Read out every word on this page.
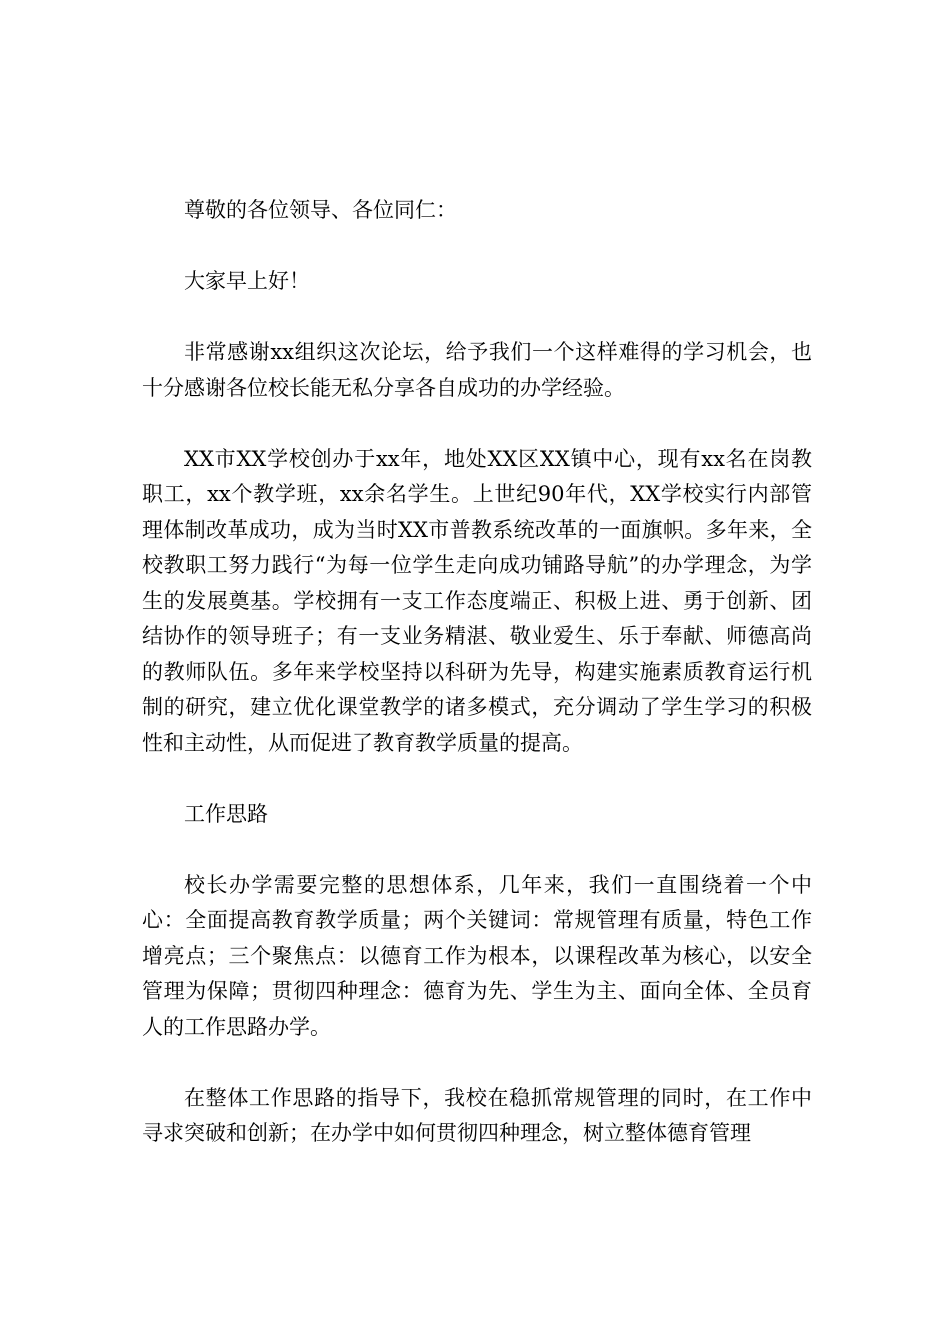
尊敬的各位领导、各位同仁：

大家早上好！

非常感谢xx组织这次论坛，给予我们一个这样难得的学习机会，也十分感谢各位校长能无私分享各自成功的办学经验。

XX市XX学校创办于xx年，地处XX区XX镇中心，现有xx名在岗教职工，xx个教学班，xx余名学生。上世纪90年代，XX学校实行内部管理体制改革成功，成为当时XX市普教系统改革的一面旗帜。多年来，全校教职工努力践行“为每一位学生走向成功铺路导航”的办学理念，为学生的发展奠基。学校拥有一支工作态度端正、积极上进、勇于创新、团结协作的领导班子；有一支业务精湛、敬业爱生、乐于奉献、师德高尚的教师队伍。多年来学校坚持以科研为先导，构建实施素质教育运行机制的研究，建立优化课堂教学的诸多模式，充分调动了学生学习的积极性和主动性，从而促进了教育教学质量的提高。

工作思路

校长办学需要完整的思想体系，几年来，我们一直围绕着一个中心：全面提高教育教学质量；两个关键词：常规管理有质量，特色工作增亮点；三个聚焦点：以德育工作为根本，以课程改革为核心，以安全管理为保障；贯彻四种理念：德育为先、学生为主、面向全体、全员育人的工作思路办学。

在整体工作思路的指导下，我校在稳抓常规管理的同时，在工作中寻求突破和创新；在办学中如何贯彻四种理念，树立整体德育管理
